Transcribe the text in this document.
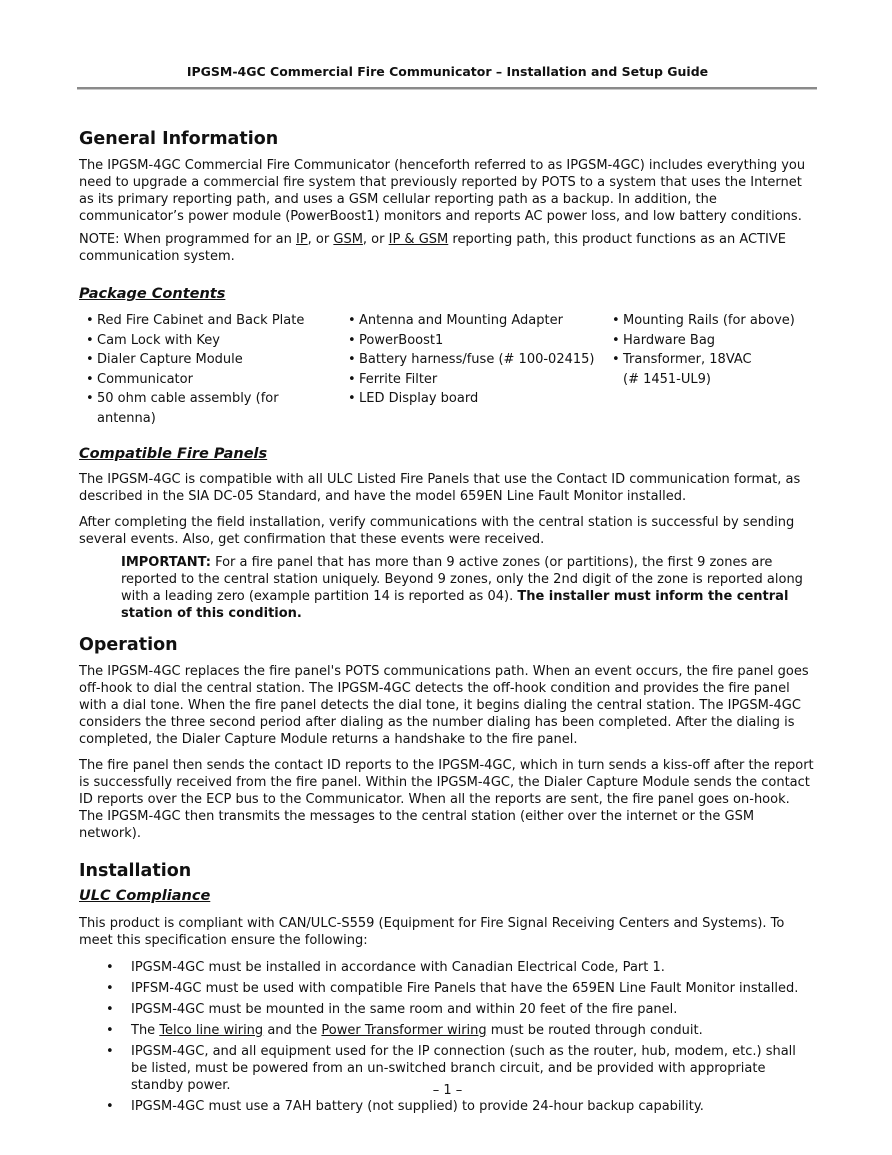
IPGSM-4GC Commercial Fire Communicator – Installation and Setup Guide
General Information

The IPGSM-4GC Commercial Fire Communicator (henceforth referred to as IPGSM-4GC) includes everything you need to upgrade a commercial fire system that previously reported by POTS to a system that uses the Internet as its primary reporting path, and uses a GSM cellular reporting path as a backup. In addition, the communicator’s power module (PowerBoost1) monitors and reports AC power loss, and low battery conditions.

NOTE: When programmed for an IP, or GSM, or IP & GSM reporting path, this product functions as an ACTIVE communication system.

Package Contents
• Red Fire Cabinet and Back Plate
• Cam Lock with Key
• Dialer Capture Module
• Communicator
• 50 ohm cable assembly (for antenna)
• Antenna and Mounting Adapter
• PowerBoost1
• Battery harness/fuse (# 100-02415)
• Ferrite Filter
• LED Display board
• Mounting Rails (for above)
• Hardware Bag
• Transformer, 18VAC
(# 1451-UL9)
Compatible Fire Panels

The IPGSM-4GC is compatible with all ULC Listed Fire Panels that use the Contact ID communication format, as described in the SIA DC-05 Standard, and have the model 659EN Line Fault Monitor installed.

After completing the field installation, verify communications with the central station is successful by sending several events. Also, get confirmation that these events were received.

IMPORTANT: For a fire panel that has more than 9 active zones (or partitions), the first 9 zones are reported to the central station uniquely. Beyond 9 zones, only the 2nd digit of the zone is reported along with a leading zero (example partition 14 is reported as 04). The installer must inform the central station of this condition.

Operation

The IPGSM-4GC replaces the fire panel's POTS communications path. When an event occurs, the fire panel goes off-hook to dial the central station. The IPGSM-4GC detects the off-hook condition and provides the fire panel with a dial tone. When the fire panel detects the dial tone, it begins dialing the central station. The IPGSM-4GC considers the three second period after dialing as the number dialing has been completed. After the dialing is completed, the Dialer Capture Module returns a handshake to the fire panel.

The fire panel then sends the contact ID reports to the IPGSM-4GC, which in turn sends a kiss-off after the report is successfully received from the fire panel. Within the IPGSM-4GC, the Dialer Capture Module sends the contact ID reports over the ECP bus to the Communicator. When all the reports are sent, the fire panel goes on-hook. The IPGSM-4GC then transmits the messages to the central station (either over the internet or the GSM network).

Installation
ULC Compliance

This product is compliant with CAN/ULC-S559 (Equipment for Fire Signal Receiving Centers and Systems). To meet this specification ensure the following:

• IPGSM-4GC must be installed in accordance with Canadian Electrical Code, Part 1.
• IPFSM-4GC must be used with compatible Fire Panels that have the 659EN Line Fault Monitor installed.
• IPGSM-4GC must be mounted in the same room and within 20 feet of the fire panel.
• The Telco line wiring and the Power Transformer wiring must be routed through conduit.
• IPGSM-4GC, and all equipment used for the IP connection (such as the router, hub, modem, etc.) shall be listed, must be powered from an un-switched branch circuit, and be provided with appropriate standby power.
• IPGSM-4GC must use a 7AH battery (not supplied) to provide 24-hour backup capability.
– 1 –
